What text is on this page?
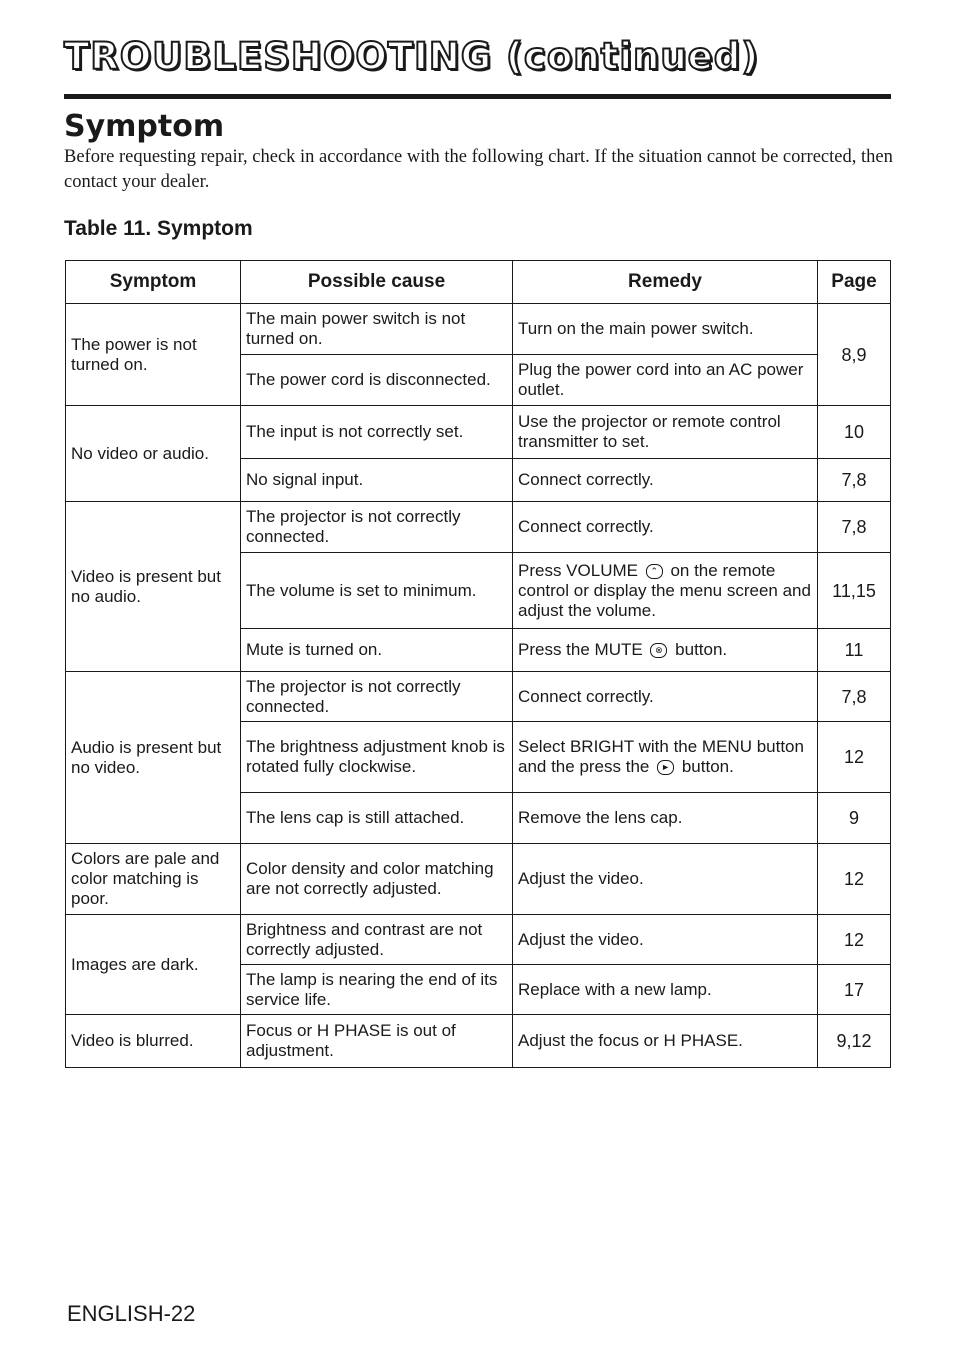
TROUBLESHOOTING (continued)
Symptom
Before requesting repair, check in accordance with the following chart. If the situation cannot be corrected, then contact your dealer.
Table 11. Symptom
Symptom	Possible cause	Remedy	Page
The power is not turned on.	The main power switch is not turned on.	Turn on the main power switch.	8,9
	The power cord is disconnected.	Plug the power cord into an AC power outlet.	
No video or audio.	The input is not correctly set.	Use the projector or remote control transmitter to set.	10
	No signal input.	Connect correctly.	7,8
Video is present but no audio.	The projector is not correctly connected.	Connect correctly.	7,8
	The volume is set to minimum.	Press VOLUME ⌃ on the remote control or display the menu screen and adjust the volume.	11,15
	Mute is turned on.	Press the MUTE ⊗ button.	11
Audio is present but no video.	The projector is not correctly connected.	Connect correctly.	7,8
	The brightness adjustment knob is rotated fully clockwise.	Select BRIGHT with the MENU button and the press the ► button.	12
	The lens cap is still attached.	Remove the lens cap.	9
Colors are pale and color matching is poor.	Color density and color matching are not correctly adjusted.	Adjust the video.	12
Images are dark.	Brightness and contrast are not correctly adjusted.	Adjust the video.	12
	The lamp is nearing the end of its service life.	Replace with a new lamp.	17
Video is blurred.	Focus or H PHASE is out of adjustment.	Adjust the focus or H PHASE.	9,12
ENGLISH-22
